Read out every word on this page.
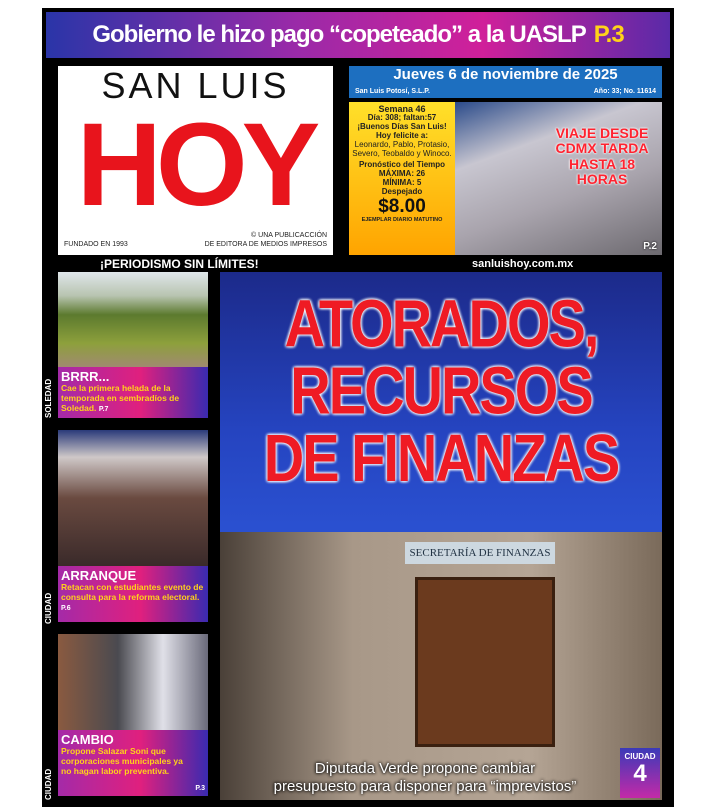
Gobierno le hizo pago “copeteado” a la UASLP P.3
SAN LUIS
HOY
FUNDADO EN 1993
© UNA PUBLICACCIÓN
DE EDITORA DE MEDIOS IMPRESOS
Jueves 6 de noviembre de 2025
San Luis Potosí, S.L.P.	Año: 33; No. 11614
Semana 46
Día: 308; faltan:57
¡Buenos Días San Luis!
Hoy felicite a:
Leonardo, Pablo, Protasio, Severo, Teobaldo y Winoco.
Pronóstico del Tiempo
MÁXIMA: 26
MÍNIMA: 5
Despejado
$8.00
EJEMPLAR DIARIO MATUTINO
VIAJE DESDE CDMX TARDA HASTA 18 HORAS
P.2
¡PERIODISMO SIN LÍMITES!	sanluishoy.com.mx
BRRR...
Cae la primera helada de la temporada en sembradíos de Soledad. P.7
SOLEDAD
ARRANQUE
Retacan con estudiantes evento de consulta para la reforma electoral. P.6
CIUDAD
CAMBIO
Propone Salazar Soni que corporaciones municipales ya no hagan labor preventiva.
P.3
CIUDAD
ATORADOS,
RECURSOS
DE FINANZAS
SECRETARÍA DE FINANZAS
Diputada Verde propone cambiar
presupuesto para disponer para “imprevistos”
CIUDAD
4
